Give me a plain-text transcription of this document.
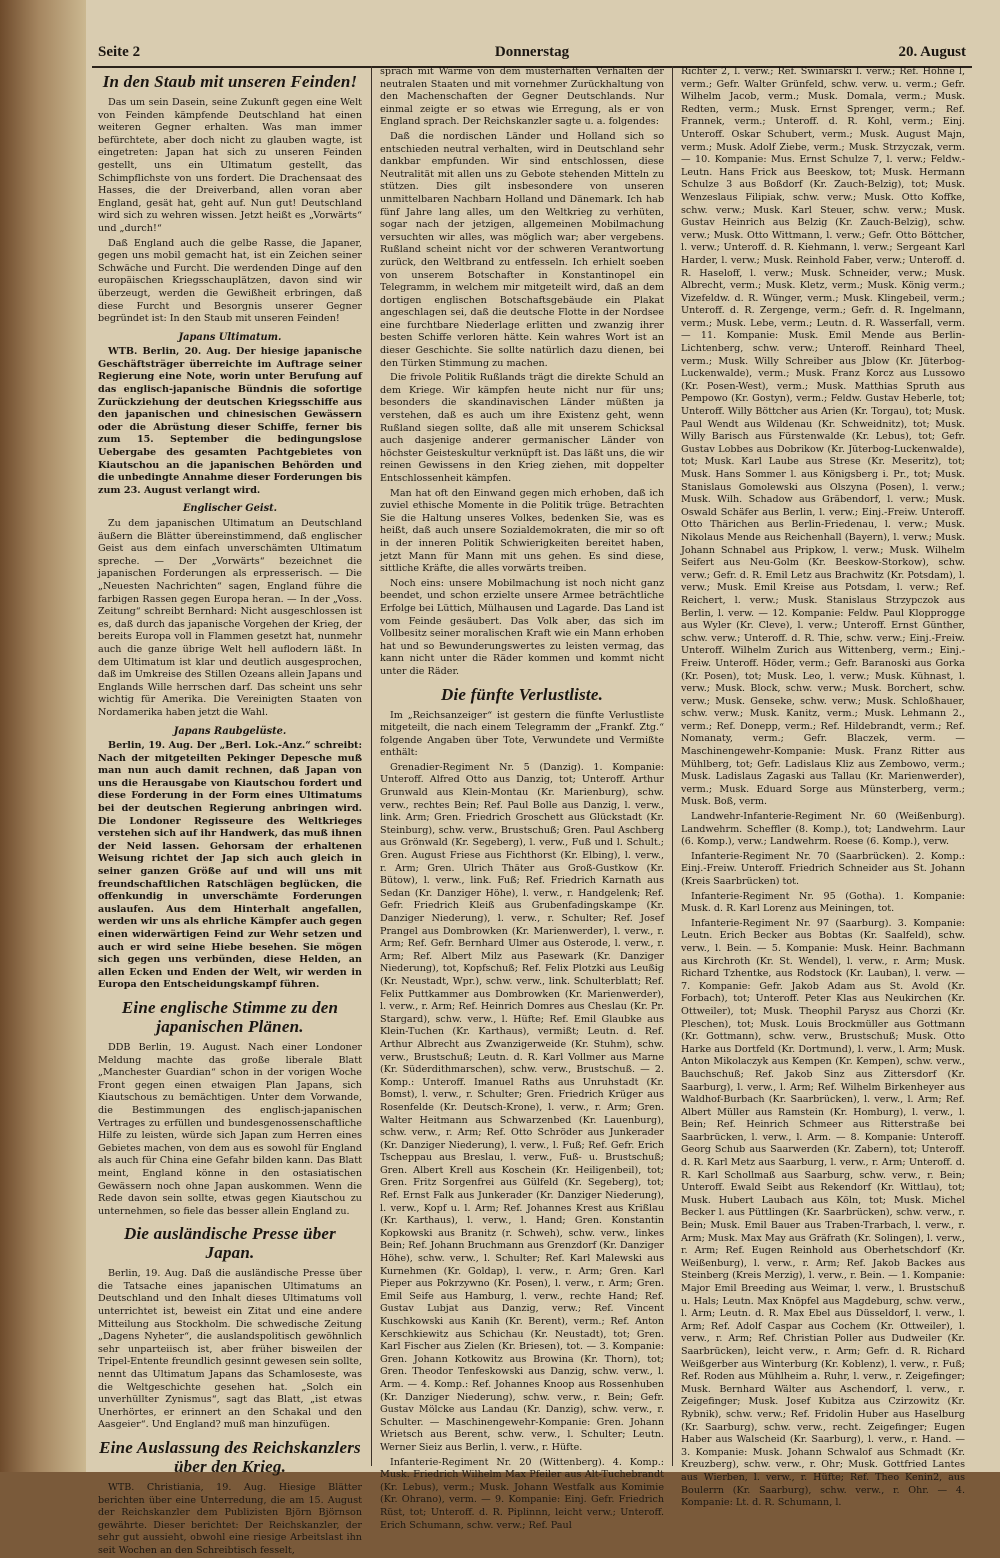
Seite 2	Donnerstag	20. August
In den Staub mit unseren Feinden!

Das um sein Dasein, seine Zukunft gegen eine Welt von Feinden kämpfende Deutschland hat einen weiteren Gegner erhalten. Was man immer befürchtete, aber doch nicht zu glauben wagte, ist eingetreten: Japan hat sich zu unseren Feinden gestellt, uns ein Ultimatum gestellt, das Schimpflichste von uns fordert. Die Drachensaat des Hasses, die der Dreiverband, allen voran aber England, gesät hat, geht auf. Nun gut! Deutschland wird sich zu wehren wissen. Jetzt heißt es „Vorwärts“ und „durch!“

Daß England auch die gelbe Rasse, die Japaner, gegen uns mobil gemacht hat, ist ein Zeichen seiner Schwäche und Furcht. Die werdenden Dinge auf den europäischen Kriegsschauplätzen, davon sind wir überzeugt, werden die Gewißheit erbringen, daß diese Furcht und Besorgnis unserer Gegner begründet ist: In den Staub mit unseren Feinden!

Japans Ultimatum.

WTB. Berlin, 20. Aug. Der hiesige japanische Geschäftsträger überreichte im Auftrage seiner Regierung eine Note, worin unter Berufung auf das englisch-japanische Bündnis die sofortige Zurückziehung der deutschen Kriegsschiffe aus den japanischen und chinesischen Gewässern oder die Abrüstung dieser Schiffe, ferner bis zum 15. September die bedingungslose Uebergabe des gesamten Pachtgebietes von Kiautschou an die japanischen Behörden und die unbedingte Annahme dieser Forderungen bis zum 23. August verlangt wird.

Englischer Geist.

Zu dem japanischen Ultimatum an Deutschland äußern die Blätter übereinstimmend, daß englischer Geist aus dem einfach unverschämten Ultimatum spreche. — Der „Vorwärts“ bezeichnet die japanischen Forderungen als erpresserisch. — Die „Neuesten Nachrichten“ sagen, England führe die farbigen Rassen gegen Europa heran. — In der „Voss. Zeitung“ schreibt Bernhard: Nicht ausgeschlossen ist es, daß durch das japanische Vorgehen der Krieg, der bereits Europa voll in Flammen gesetzt hat, nunmehr auch die ganze übrige Welt hell auflodern läßt. In dem Ultimatum ist klar und deutlich ausgesprochen, daß im Umkreise des Stillen Ozeans allein Japans und Englands Wille herrschen darf. Das scheint uns sehr wichtig für Amerika. Die Vereinigten Staaten von Nordamerika haben jetzt die Wahl.

Japans Raubgelüste.

Berlin, 19. Aug. Der „Berl. Lok.-Anz.“ schreibt: Nach der mitgeteilten Pekinger Depesche muß man nun auch damit rechnen, daß Japan von uns die Herausgabe von Kiautschou fordert und diese Forderung in der Form eines Ultimatums bei der deutschen Regierung anbringen wird. Die Londoner Regisseure des Weltkrieges verstehen sich auf ihr Handwerk, das muß ihnen der Neid lassen. Gehorsam der erhaltenen Weisung richtet der Jap sich auch gleich in seiner ganzen Größe auf und will uns mit freundschaftlichen Ratschlägen beglücken, die offenkundig in unverschämte Forderungen auslaufen. Aus dem Hinterhalt angefallen, werden wir uns als ehrliche Kämpfer auch gegen einen widerwärtigen Feind zur Wehr setzen und auch er wird seine Hiebe besehen. Sie mögen sich gegen uns verbünden, diese Helden, an allen Ecken und Enden der Welt, wir werden in Europa den Entscheidungskampf führen.

Eine englische Stimme zu den japanischen Plänen.

DDB Berlin, 19. August. Nach einer Londoner Meldung machte das große liberale Blatt „Manchester Guardian“ schon in der vorigen Woche Front gegen einen etwaigen Plan Japans, sich Kiautschous zu bemächtigen. Unter dem Vorwande, die Bestimmungen des englisch-japanischen Vertrages zu erfüllen und bundesgenossenschaftliche Hilfe zu leisten, würde sich Japan zum Herren eines Gebietes machen, von dem aus es sowohl für England als auch für China eine Gefahr bilden kann. Das Blatt meint, England könne in den ostasiatischen Gewässern noch ohne Japan auskommen. Wenn die Rede davon sein sollte, etwas gegen Kiautschou zu unternehmen, so fiele das besser allein England zu.

Die ausländische Presse über Japan.

Berlin, 19. Aug. Daß die ausländische Presse über die Tatsache eines japanischen Ultimatums an Deutschland und den Inhalt dieses Ultimatums voll unterrichtet ist, beweist ein Zitat und eine andere Mitteilung aus Stockholm. Die schwedische Zeitung „Dagens Nyheter“, die auslandspolitisch gewöhnlich sehr unparteiisch ist, aber früher bisweilen der Tripel-Entente freundlich gesinnt gewesen sein sollte, nennt das Ultimatum Japans das Schamloseste, was die Weltgeschichte gesehen hat. „Solch ein unverhüllter Zynismus“, sagt das Blatt, „ist etwas Unerhörtes, er erinnert an den Schakal und den Aasgeier“. Und England? muß man hinzufügen.

Eine Auslassung des Reichskanzlers über den Krieg.

WTB. Christiania, 19. Aug. Hiesige Blätter berichten über eine Unterredung, die am 15. August der Reichskanzler dem Publizisten Björn Björnson gewährte. Dieser berichtet: Der Reichskanzler, der sehr gut aussieht, obwohl eine riesige Arbeitslast ihn seit Wochen an den Schreibtisch fesselt,

sprach mit Wärme von dem musterhaften Verhalten der neutralen Staaten und mit vornehmer Zurückhaltung von den Machenschaften der Gegner Deutschlands. Nur einmal zeigte er so etwas wie Erregung, als er von England sprach. Der Reichskanzler sagte u. a. folgendes:

Daß die nordischen Länder und Holland sich so entschieden neutral verhalten, wird in Deutschland sehr dankbar empfunden. Wir sind entschlossen, diese Neutralität mit allen uns zu Gebote stehenden Mitteln zu stützen. Dies gilt insbesondere von unseren unmittelbaren Nachbarn Holland und Dänemark. Ich hab fünf Jahre lang alles, um den Weltkrieg zu verhüten, sogar nach der jetzigen, allgemeinen Mobilmachung versuchten wir alles, was möglich war; aber vergebens. Rußland scheint nicht vor der schweren Verantwortung zurück, den Weltbrand zu entfesseln. Ich erhielt soeben von unserem Botschafter in Konstantinopel ein Telegramm, in welchem mir mitgeteilt wird, daß an dem dortigen englischen Botschaftsgebäude ein Plakat angeschlagen sei, daß die deutsche Flotte in der Nordsee eine furchtbare Niederlage erlitten und zwanzig ihrer besten Schiffe verloren hätte. Kein wahres Wort ist an dieser Geschichte. Sie sollte natürlich dazu dienen, bei den Türken Stimmung zu machen.

Die frivole Politik Rußlands trägt die direkte Schuld an dem Kriege. Wir kämpfen heute nicht nur für uns; besonders die skandinavischen Länder müßten ja verstehen, daß es auch um ihre Existenz geht, wenn Rußland siegen sollte, daß alle mit unserem Schicksal auch dasjenige anderer germanischer Länder von höchster Geisteskultur verknüpft ist. Das läßt uns, die wir reinen Gewissens in den Krieg ziehen, mit doppelter Entschlossenheit kämpfen.

Man hat oft den Einwand gegen mich erhoben, daß ich zuviel ethische Momente in die Politik trüge. Betrachten Sie die Haltung unseres Volkes, bedenken Sie, was es heißt, daß auch unsere Sozialdemokraten, die mir so oft in der inneren Politik Schwierigkeiten bereitet haben, jetzt Mann für Mann mit uns gehen. Es sind diese, sittliche Kräfte, die alles vorwärts treiben.

Noch eins: unsere Mobilmachung ist noch nicht ganz beendet, und schon erzielte unsere Armee beträchtliche Erfolge bei Lüttich, Mülhausen und Lagarde. Das Land ist vom Feinde gesäubert. Das Volk aber, das sich im Vollbesitz seiner moralischen Kraft wie ein Mann erhoben hat und so Bewunderungswertes zu leisten vermag, das kann nicht unter die Räder kommen und kommt nicht unter die Räder.

Die fünfte Verlustliste.

Im „Reichsanzeiger“ ist gestern die fünfte Verlustliste mitgeteilt, die nach einem Telegramm der „Frankf. Ztg.“ folgende Angaben über Tote, Verwundete und Vermißte enthält:

Grenadier-Regiment Nr. 5 (Danzig). 1. Kompanie: Unteroff. Alfred Otto aus Danzig, tot; Unteroff. Arthur Grunwald aus Klein-Montau (Kr. Marienburg), schw. verw., rechtes Bein; Ref. Paul Bolle aus Danzig, l. verw., link. Arm; Gren. Friedrich Groschett aus Glückstadt (Kr. Steinburg), schw. verw., Brustschuß; Gren. Paul Aschberg aus Grönwald (Kr. Segeberg), l. verw., Fuß und l. Schult.; Gren. August Friese aus Fichthorst (Kr. Elbing), l. verw., r. Arm; Gren. Ulrich Thäter aus Groß-Gustkow (Kr. Bütow), l. verw., link. Fuß; Ref. Friedrich Karnath aus Sedan (Kr. Danziger Höhe), l. verw., r. Handgelenk; Ref. Gefr. Friedrich Kleiß aus Grubenfadingskampe (Kr. Danziger Niederung), l. verw., r. Schulter; Ref. Josef Prangel aus Dombrowken (Kr. Marienwerder), l. verw., r. Arm; Ref. Gefr. Bernhard Ulmer aus Osterode, l. verw., r. Arm; Ref. Albert Milz aus Pasewark (Kr. Danziger Niederung), tot, Kopfschuß; Ref. Felix Plotzki aus Leußig (Kr. Neustadt, Wpr.), schw. verw., link. Schulterblatt; Ref. Felix Puttkammer aus Dombrowken (Kr. Marienwerder), l. verw., r. Arm; Ref. Heinrich Domres aus Cheslau (Kr. Pr. Stargard), schw. verw., l. Hüfte; Ref. Emil Glaubke aus Klein-Tuchen (Kr. Karthaus), vermißt; Leutn. d. Ref. Arthur Albrecht aus Zwanzigerweide (Kr. Stuhm), schw. verw., Brustschuß; Leutn. d. R. Karl Vollmer aus Marne (Kr. Süderdithmarschen), schw. verw., Brustschuß. — 2. Komp.: Unteroff. Imanuel Raths aus Unruhstadt (Kr. Bomst), l. verw., r. Schulter; Gren. Friedrich Krüger aus Rosenfelde (Kr. Deutsch-Krone), l. verw., r. Arm; Gren. Walter Heitmann aus Schwarzenbed (Kr. Lauenburg), schw. verw., r. Arm; Ref. Otto Schröder aus Junkerader (Kr. Danziger Niederung), l. verw., l. Fuß; Ref. Gefr. Erich Tscheppau aus Breslau, l. verw., Fuß- u. Brustschuß; Gren. Albert Krell aus Koschein (Kr. Heiligenbeil), tot; Gren. Fritz Sorgenfrei aus Gülfeld (Kr. Segeberg), tot; Ref. Ernst Falk aus Junkerader (Kr. Danziger Niederung), l. verw., Kopf u. l. Arm; Ref. Johannes Krest aus Krißlau (Kr. Karthaus), l. verw., l. Hand; Gren. Konstantin Kopkowski aus Branitz (r. Schweh), schw. verw., linkes Bein; Ref. Johann Bruchmann aus Grenzdorf (Kr. Danziger Höhe), schw. verw., l. Schulter; Ref. Karl Malewski aus Kurnehmen (Kr. Goldap), l. verw., r. Arm; Gren. Karl Pieper aus Pokrzywno (Kr. Posen), l. verw., r. Arm; Gren. Emil Seife aus Hamburg, l. verw., rechte Hand; Ref. Gustav Lubjat aus Danzig, verw.; Ref. Vincent Kuschkowski aus Kanih (Kr. Berent), verm.; Ref. Anton Kerschkiewitz aus Schichau (Kr. Neustadt), tot; Gren. Karl Fischer aus Zielen (Kr. Briesen), tot. — 3. Kompanie: Gren. Johann Kotkowitz aus Browina (Kr. Thorn), tot; Gren. Theodor Tenfeskowski aus Danzig, schw. verw., l. Arm. — 4. Komp.: Ref. Johannes Knoop aus Rossenhuben (Kr. Danziger Niederung), schw. verw., r. Bein; Gefr. Gustav Mölcke aus Landau (Kr. Danzig), schw. verw., r. Schulter. — Maschinengewehr-Kompanie: Gren. Johann Wrietsch aus Berent, schw. verw., l. Schulter; Leutn. Werner Sieiz aus Berlin, l. verw., r. Hüfte.

Infanterie-Regiment Nr. 20 (Wittenberg). 4. Komp.: Musk. Friedrich Wilhelm Max Pfeiler aus Alt-Tuchebrandt (Kr. Lebus), verm.; Musk. Johann Westfalk aus Komimie (Kr. Ohrano), verm. — 9. Kompanie: Einj. Gefr. Friedrich Rüst, tot; Unteroff. d. R. Piplinnn, leicht verw.; Unteroff. Erich Schumann, schw. verw.; Ref. Paul

Richter 2, l. verw.; Ref. Swiniarski l. verw.; Ref. Höhne l, verm.; Gefr. Walter Grünfeld, schw. verw. u. verm.; Gefr. Wilhelm Jacob, verm.; Musk. Domala, verm.; Musk. Redten, verm.; Musk. Ernst Sprenger, verm.; Ref. Frannek, verm.; Unteroff. d. R. Kohl, verm.; Einj. Unteroff. Oskar Schubert, verm.; Musk. August Majn, verm.; Musk. Adolf Ziebe, verm.; Musk. Strzyczak, verm. — 10. Kompanie: Mus. Ernst Schulze 7, l. verw.; Feldw.-Leutn. Hans Frick aus Beeskow, tot; Musk. Hermann Schulze 3 aus Boßdorf (Kr. Zauch-Belzig), tot; Musk. Wenzeslaus Filipiak, schw. verw.; Musk. Otto Koffke, schw. verw.; Musk. Karl Steuer, schw. verw.; Musk. Gustav Heinrich aus Belzig (Kr. Zauch-Belzig), schw. verw.; Musk. Otto Wittmann, l. verw.; Gefr. Otto Böttcher, l. verw.; Unteroff. d. R. Kiehmann, l. verw.; Sergeant Karl Harder, l. verw.; Musk. Reinhold Faber, verw.; Unteroff. d. R. Haseloff, l. verw.; Musk. Schneider, verw.; Musk. Albrecht, verm.; Musk. Kletz, verm.; Musk. König verm.; Vizefeldw. d. R. Wünger, verm.; Musk. Klingebeil, verm.; Unteroff. d. R. Zergenge, verm.; Gefr. d. R. Ingelmann, verm.; Musk. Lebe, verm.; Leutn. d. R. Wasserfall, verm. — 11. Kompanie: Musk. Emil Mende aus Berlin-Lichtenberg, schw. verw.; Unteroff. Reinhard Theel, verm.; Musk. Willy Schreiber aus Jblow (Kr. Jüterbog-Luckenwalde), verm.; Musk. Franz Korcz aus Lussowo (Kr. Posen-West), verm.; Musk. Matthias Spruth aus Pempowo (Kr. Gostyn), verm.; Feldw. Gustav Heberle, tot; Unteroff. Willy Böttcher aus Arien (Kr. Torgau), tot; Musk. Paul Wendt aus Wildenau (Kr. Schweidnitz), tot; Musk. Willy Barisch aus Fürstenwalde (Kr. Lebus), tot; Gefr. Gustav Lobbes aus Dobrikow (Kr. Jüterbog-Luckenwalde), tot; Musk. Karl Laube aus Strese (Kr. Meseritz), tot; Musk. Hans Sommer l. aus Königsberg i. Pr., tot; Musk. Stanislaus Gomolewski aus Olszyna (Posen), l. verw.; Musk. Wilh. Schadow aus Gräbendorf, l. verw.; Musk. Oswald Schäfer aus Berlin, l. verw.; Einj.-Freiw. Unteroff. Otto Thärichen aus Berlin-Friedenau, l. verw.; Musk. Nikolaus Mende aus Reichenhall (Bayern), l. verw.; Musk. Johann Schnabel aus Pripkow, l. verw.; Musk. Wilhelm Seifert aus Neu-Golm (Kr. Beeskow-Storkow), schw. verw.; Gefr. d. R. Emil Letz aus Brachwitz (Kr. Potsdam), l. verw.; Musk. Emil Kreise aus Potsdam, l. verw.; Ref. Reichert, l. verw.; Musk. Stanislaus Strzypczok aus Berlin, l. verw. — 12. Kompanie: Feldw. Paul Klopprogge aus Wyler (Kr. Cleve), l. verw.; Unteroff. Ernst Günther, schw. verw.; Unteroff. d. R. Thie, schw. verw.; Einj.-Freiw. Unteroff. Wilhelm Zurich aus Wittenberg, verm.; Einj.-Freiw. Unteroff. Höder, verm.; Gefr. Baranoski aus Gorka (Kr. Posen), tot; Musk. Leo, l. verw.; Musk. Kühnast, l. verw.; Musk. Block, schw. verw.; Musk. Borchert, schw. verw.; Musk. Genseke, schw. verw.; Musk. Schloßhauer, schw. verw.; Musk. Kanitz, verm.; Musk. Lehmann 2., verm.; Ref. Donepp, verm.; Ref. Hildebrandt, verm.; Ref. Nomanaty, verm.; Gefr. Blaczek, verm. — Maschinengewehr-Kompanie: Musk. Franz Ritter aus Mühlberg, tot; Gefr. Ladislaus Kliz aus Zembowo, verm.; Musk. Ladislaus Zagaski aus Tallau (Kr. Marienwerder), verm.; Musk. Eduard Sorge aus Münsterberg, verm.; Musk. Boß, verm.

Landwehr-Infanterie-Regiment Nr. 60 (Weißenburg). Landwehrm. Scheffler (8. Komp.), tot; Landwehrm. Laur (6. Komp.), verw.; Landwehrm. Roese (6. Komp.), verw.

Infanterie-Regiment Nr. 70 (Saarbrücken). 2. Komp.: Einj.-Freiw. Unteroff. Friedrich Schneider aus St. Johann (Kreis Saarbrücken) tot.

Infanterie-Regiment Nr. 95 (Gotha). 1. Kompanie: Musk. d. R. Karl Lorenz aus Meiningen, tot.

Infanterie-Regiment Nr. 97 (Saarburg). 3. Kompanie: Leutn. Erich Becker aus Bobtas (Kr. Saalfeld), schw. verw., l. Bein. — 5. Kompanie: Musk. Heinr. Bachmann aus Kirchroth (Kr. St. Wendel), l. verw., r. Arm; Musk. Richard Tzhentke, aus Rodstock (Kr. Lauban), l. verw. — 7. Kompanie: Gefr. Jakob Adam aus St. Avold (Kr. Forbach), tot; Unteroff. Peter Klas aus Neukirchen (Kr. Ottweiler), tot; Musk. Theophil Parysz aus Chorzi (Kr. Pleschen), tot; Musk. Louis Brockmüller aus Gottmann (Kr. Gottmann), schw. verw., Brustschuß; Musk. Otto Harke aus Dortfeld (Kr. Dortmund), l. verw., l. Arm; Musk. Anton Mikolaczyk aus Kempen (Kr. Kempen), schw. verw., Bauchschuß; Ref. Jakob Sinz aus Zittersdorf (Kr. Saarburg), l. verw., l. Arm; Ref. Wilhelm Birkenheyer aus Waldhof-Burbach (Kr. Saarbrücken), l. verw., l. Arm; Ref. Albert Müller aus Ramstein (Kr. Homburg), l. verw., l. Bein; Ref. Heinrich Schmeer aus Ritterstraße bei Saarbrücken, l. verw., l. Arm. — 8. Kompanie: Unteroff. Georg Schub aus Saarwerden (Kr. Zabern), tot; Unteroff. d. R. Karl Metz aus Saarburg, l. verw., r. Arm; Unteroff. d. R. Karl Schollmaß aus Saarburg, schw. verw., r. Bein; Unteroff. Ewald Seibt aus Rekendorf (Kr. Wittlau), tot; Musk. Hubert Laubach aus Köln, tot; Musk. Michel Becker l. aus Püttlingen (Kr. Saarbrücken), schw. verw., r. Bein; Musk. Emil Bauer aus Traben-Trarbach, l. verw., r. Arm; Musk. Max May aus Gräfrath (Kr. Solingen), l. verw., r. Arm; Ref. Eugen Reinhold aus Oberhetschdorf (Kr. Weißenburg), l. verw., r. Arm; Ref. Jakob Backes aus Steinberg (Kreis Merzig), l. verw., r. Bein. — 1. Kompanie: Major Emil Breeding aus Weimar, l. verw., l. Brustschuß u. Hals; Leutn. Max Knöpfel aus Magdeburg, schw. verw., l. Arm; Leutn. d. R. Max Ebel aus Düsseldorf, l. verw., l. Arm; Ref. Adolf Caspar aus Cochem (Kr. Ottweiler), l. verw., r. Arm; Ref. Christian Poller aus Dudweiler (Kr. Saarbrücken), leicht verw., r. Arm; Gefr. d. R. Richard Weißgerber aus Winterburg (Kr. Koblenz), l. verw., r. Fuß; Ref. Roden aus Mühlheim a. Ruhr, l. verw., r. Zeigefinger; Musk. Bernhard Wälter aus Aschendorf, l. verw., r. Zeigefinger; Musk. Josef Kubitza aus Czirzowitz (Kr. Rybnik), schw. verw.; Ref. Fridolin Huber aus Haselburg (Kr. Saarburg), schw. verw., recht. Zeigefinger; Eugen Haber aus Walscheid (Kr. Saarburg), l. verw., r. Hand. — 3. Kompanie: Musk. Johann Schwalof aus Schmadt (Kr. Kreuzberg), schw. verw., r. Ohr; Musk. Gottfried Lantes aus Wierben, l. verw., r. Hüfte; Ref. Theo Kenin2, aus Boulerrn (Kr. Saarburg), schw. verw., r. Ohr. — 4. Kompanie: Lt. d. R. Schumann, l.
